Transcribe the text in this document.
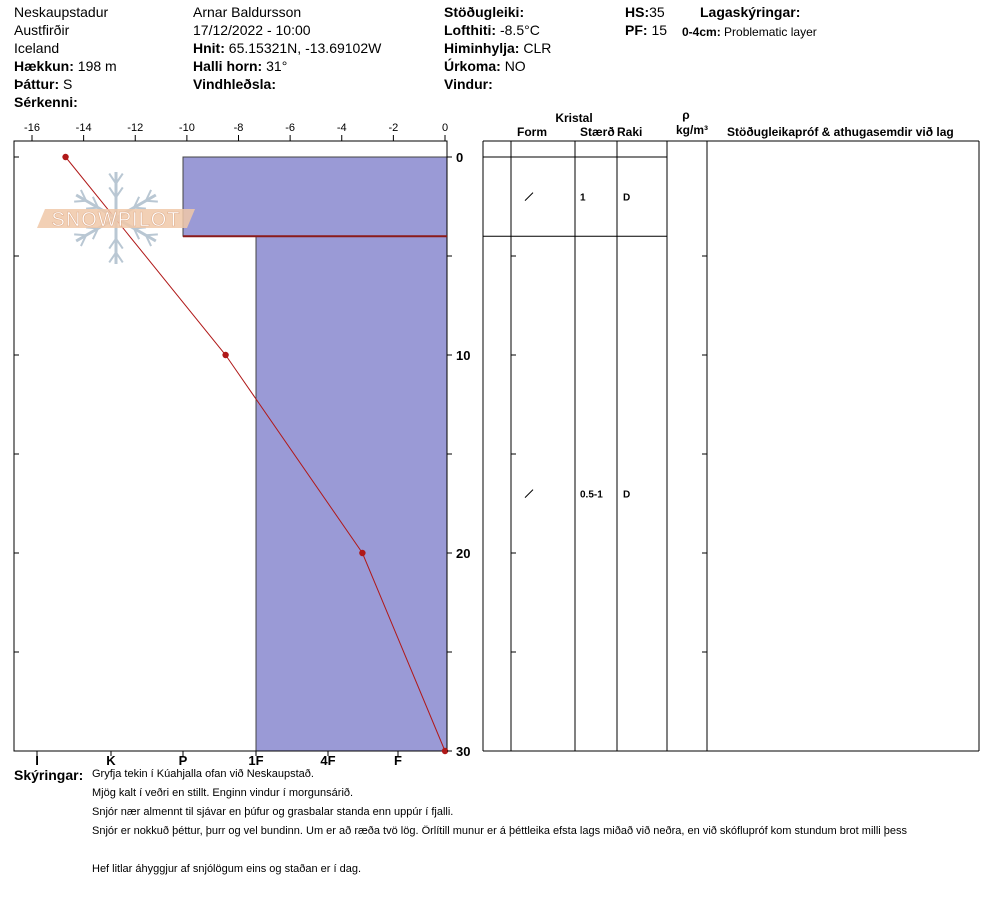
Neskaupstadur
Austfirðir
Iceland
Hækkun: 198 m
Þáttur: S
Sérkenni:
Arnar Baldursson
17/12/2022 - 10:00
Hnit: 65.15321N, -13.69102W
Halli horn: 31°
Vindhleðsla:
Stöðugleiki:
Lofthiti: -8.5°C
Himinhylja: CLR
Úrkoma: NO
Vindur:
HS:35
PF: 15
Lagaskýringar:
0-4cm: Problematic layer
-16	-14	-12	-10	-8	-6	-4	-2	0
I	K	P	1F	4F	F
0
10
20
30
SNOWPILOT
Kristal
Form	Stærð Raki
ρ
kg/m³ Stöðugleikapróf & athugasemdir við lag
1	D
0.5-1 D
Skýringar: Gryfja tekin í Kúahjalla ofan við Neskaupstað.
Mjög kalt í veðri en stillt. Enginn vindur í morgunsárið.
Snjór nær almennt til sjávar en þúfur og grasbalar standa enn uppúr í fjalli.
Snjór er nokkuð þéttur, þurr og vel bundinn. Um er að ræða tvö lög. Örlítill munur er á þéttleika efsta lags miðað við neðra, en við skóflupróf kom stundum brot milli þess
Hef litlar áhyggjur af snjólögum eins og staðan er í dag.
